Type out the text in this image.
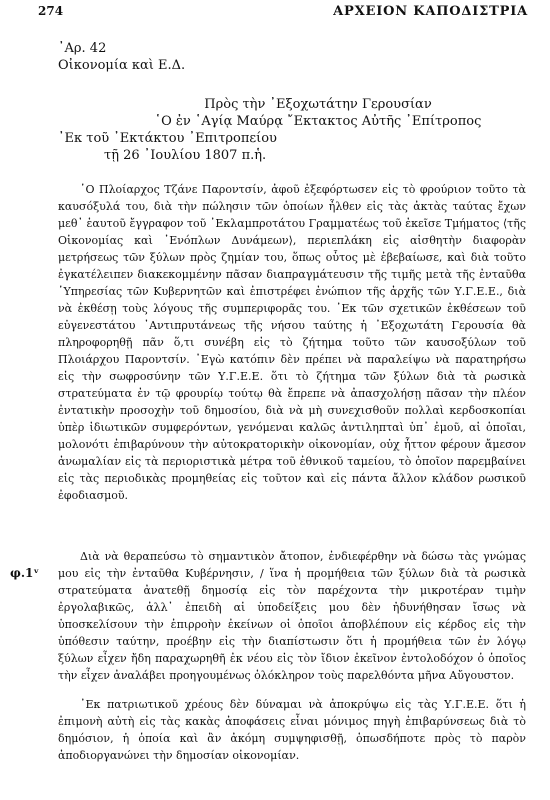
274	ΑΡΧΕΙΟΝ ΚΑΠΟΔΙΣΤΡΙΑ
᾿Αρ. 42
Οἰκονομία καὶ Ε.Δ.
Πρὸς τὴν ᾿Εξοχωτάτην Γερουσίαν
῾Ο ἐν ῾Αγίᾳ Μαύρᾳ ῎Εκτακτος Αὐτῆς ᾿Επίτροπος
᾿Εκ τοῦ ᾿Εκτάκτου ᾿Επιτροπείου
τῇ 26 ᾿Ιουλίου 1807 π.ἡ.
φ.1ᵛ

῾Ο Πλοίαρχος Τζάνε Παροντσίν, ἀφοῦ ἐξεφόρτωσεν εἰς τὸ φρούριον τοῦτο τὰ καυσόξυλά του, διὰ τὴν πώλησιν τῶν ὁποίων ἦλθεν εἰς τὰς ἀκτὰς ταύτας ἔχων μεθ᾿ ἑαυτοῦ ἔγγραφον τοῦ ᾿Εκλαμπροτάτου Γραμματέως τοῦ ἐκεῖσε Τμήματος ⟨τῆς Οἰκονομίας καὶ ᾿Ενόπλων Δυνάμεων⟩, περιεπλάκη εἰς αἰσθητὴν διαφορὰν μετρήσεως τῶν ξύλων πρὸς ζημίαν του, ὅπως οὗτος μὲ ἐβεβαίωσε, καὶ διὰ τοῦτο ἐγκατέλειπεν διακεκομμένην πᾶσαν διαπραγμάτευσιν τῆς τιμῆς μετὰ τῆς ἐνταῦθα ῾Υπηρεσίας τῶν Κυβερνητῶν καὶ ἐπιστρέφει ἐνώπιον τῆς ἀρχῆς τῶν Υ.Γ.Ε.Ε., διὰ νὰ ἐκθέσῃ τοὺς λόγους τῆς συμπεριφορᾶς του. ᾿Εκ τῶν σχετικῶν ἐκθέσεων τοῦ εὐγενεστάτου ᾿Αντιπρυτάνεως τῆς νήσου ταύτης ἡ ᾿Εξοχωτάτη Γερουσία θὰ πληροφορηθῇ πᾶν ὅ,τι συνέβη εἰς τὸ ζήτημα τοῦτο τῶν καυσοξύλων τοῦ Πλοιάρχου Παροντσίν. ᾿Εγὼ κατόπιν δὲν πρέπει νὰ παραλείψω νὰ παρατηρήσω εἰς τὴν σωφροσύνην τῶν Υ.Γ.Ε.Ε. ὅτι τὸ ζήτημα τῶν ξύλων διὰ τὰ ρωσικὰ στρατεύματα ἐν τῷ φρουρίῳ τούτῳ θὰ ἔπρεπε νὰ ἀπασχολήσῃ πᾶσαν τὴν πλέον ἐντατικὴν προσοχὴν τοῦ δημοσίου, διὰ νὰ μὴ συνεχισθοῦν πολλαὶ κερδοσκοπίαι ὑπὲρ ἰδιωτικῶν συμφερόντων, γενόμεναι καλῶς ἀντιληπταὶ ὑπ᾿ ἐμοῦ, αἱ ὁποῖαι, μολονότι ἐπιβαρύνουν τὴν αὐτοκρατορικὴν οἰκονομίαν, οὐχ ἧττον φέρουν ἄμεσον ἀνωμαλίαν εἰς τὰ περιοριστικὰ μέτρα τοῦ ἐθνικοῦ ταμείου, τὸ ὁποῖον παρεμβαίνει εἰς τὰς περιοδικὰς προμηθείας εἰς τοῦτον καὶ εἰς πάντα ἄλλον κλάδον ρωσικοῦ ἐφοδιασμοῦ.

Διὰ νὰ θεραπεύσω τὸ σημαντικὸν ἄτοπον, ἐνδιεφέρθην νὰ δώσω τὰς γνώμας μου εἰς τὴν ἐνταῦθα Κυβέρνησιν, / ἵνα ἡ προμήθεια τῶν ξύλων διὰ τὰ ρωσικὰ στρατεύματα ἀνατεθῇ δημοσίᾳ εἰς τὸν παρέχοντα τὴν μικροτέραν τιμὴν ἐργολαβικῶς, ἀλλ᾿ ἐπειδὴ αἱ ὑποδείξεις μου δὲν ἠδυνήθησαν ἴσως νὰ ὑποσκελίσουν τὴν ἐπιρροὴν ἐκείνων οἱ ὁποῖοι ἀποβλέπουν εἰς κέρδος εἰς τὴν ὑπόθεσιν ταύτην, προέβην εἰς τὴν διαπίστωσιν ὅτι ἡ προμήθεια τῶν ἐν λόγῳ ξύλων εἶχεν ἤδη παραχωρηθῆ ἐκ νέου εἰς τὸν ἴδιον ἐκεῖνον ἐντολοδόχον ὁ ὁποῖος τὴν εἶχεν ἀναλάβει προηγουμένως ὁλόκληρον τοὺς παρελθόντα μῆνα Αὔγουστον.

᾿Εκ πατριωτικοῦ χρέους δὲν δύναμαι νὰ ἀποκρύψω εἰς τὰς Υ.Γ.Ε.Ε. ὅτι ἡ ἐπιμονὴ αὐτὴ εἰς τὰς κακὰς ἀποφάσεις εἶναι μόνιμος πηγὴ ἐπιβαρύνσεως διὰ τὸ δημόσιον, ἡ ὁποία καὶ ἂν ἀκόμη συμψηφισθῇ, ὁπωσδήποτε πρὸς τὸ παρὸν ἀποδιοργανώνει τὴν δημοσίαν οἰκονομίαν.
